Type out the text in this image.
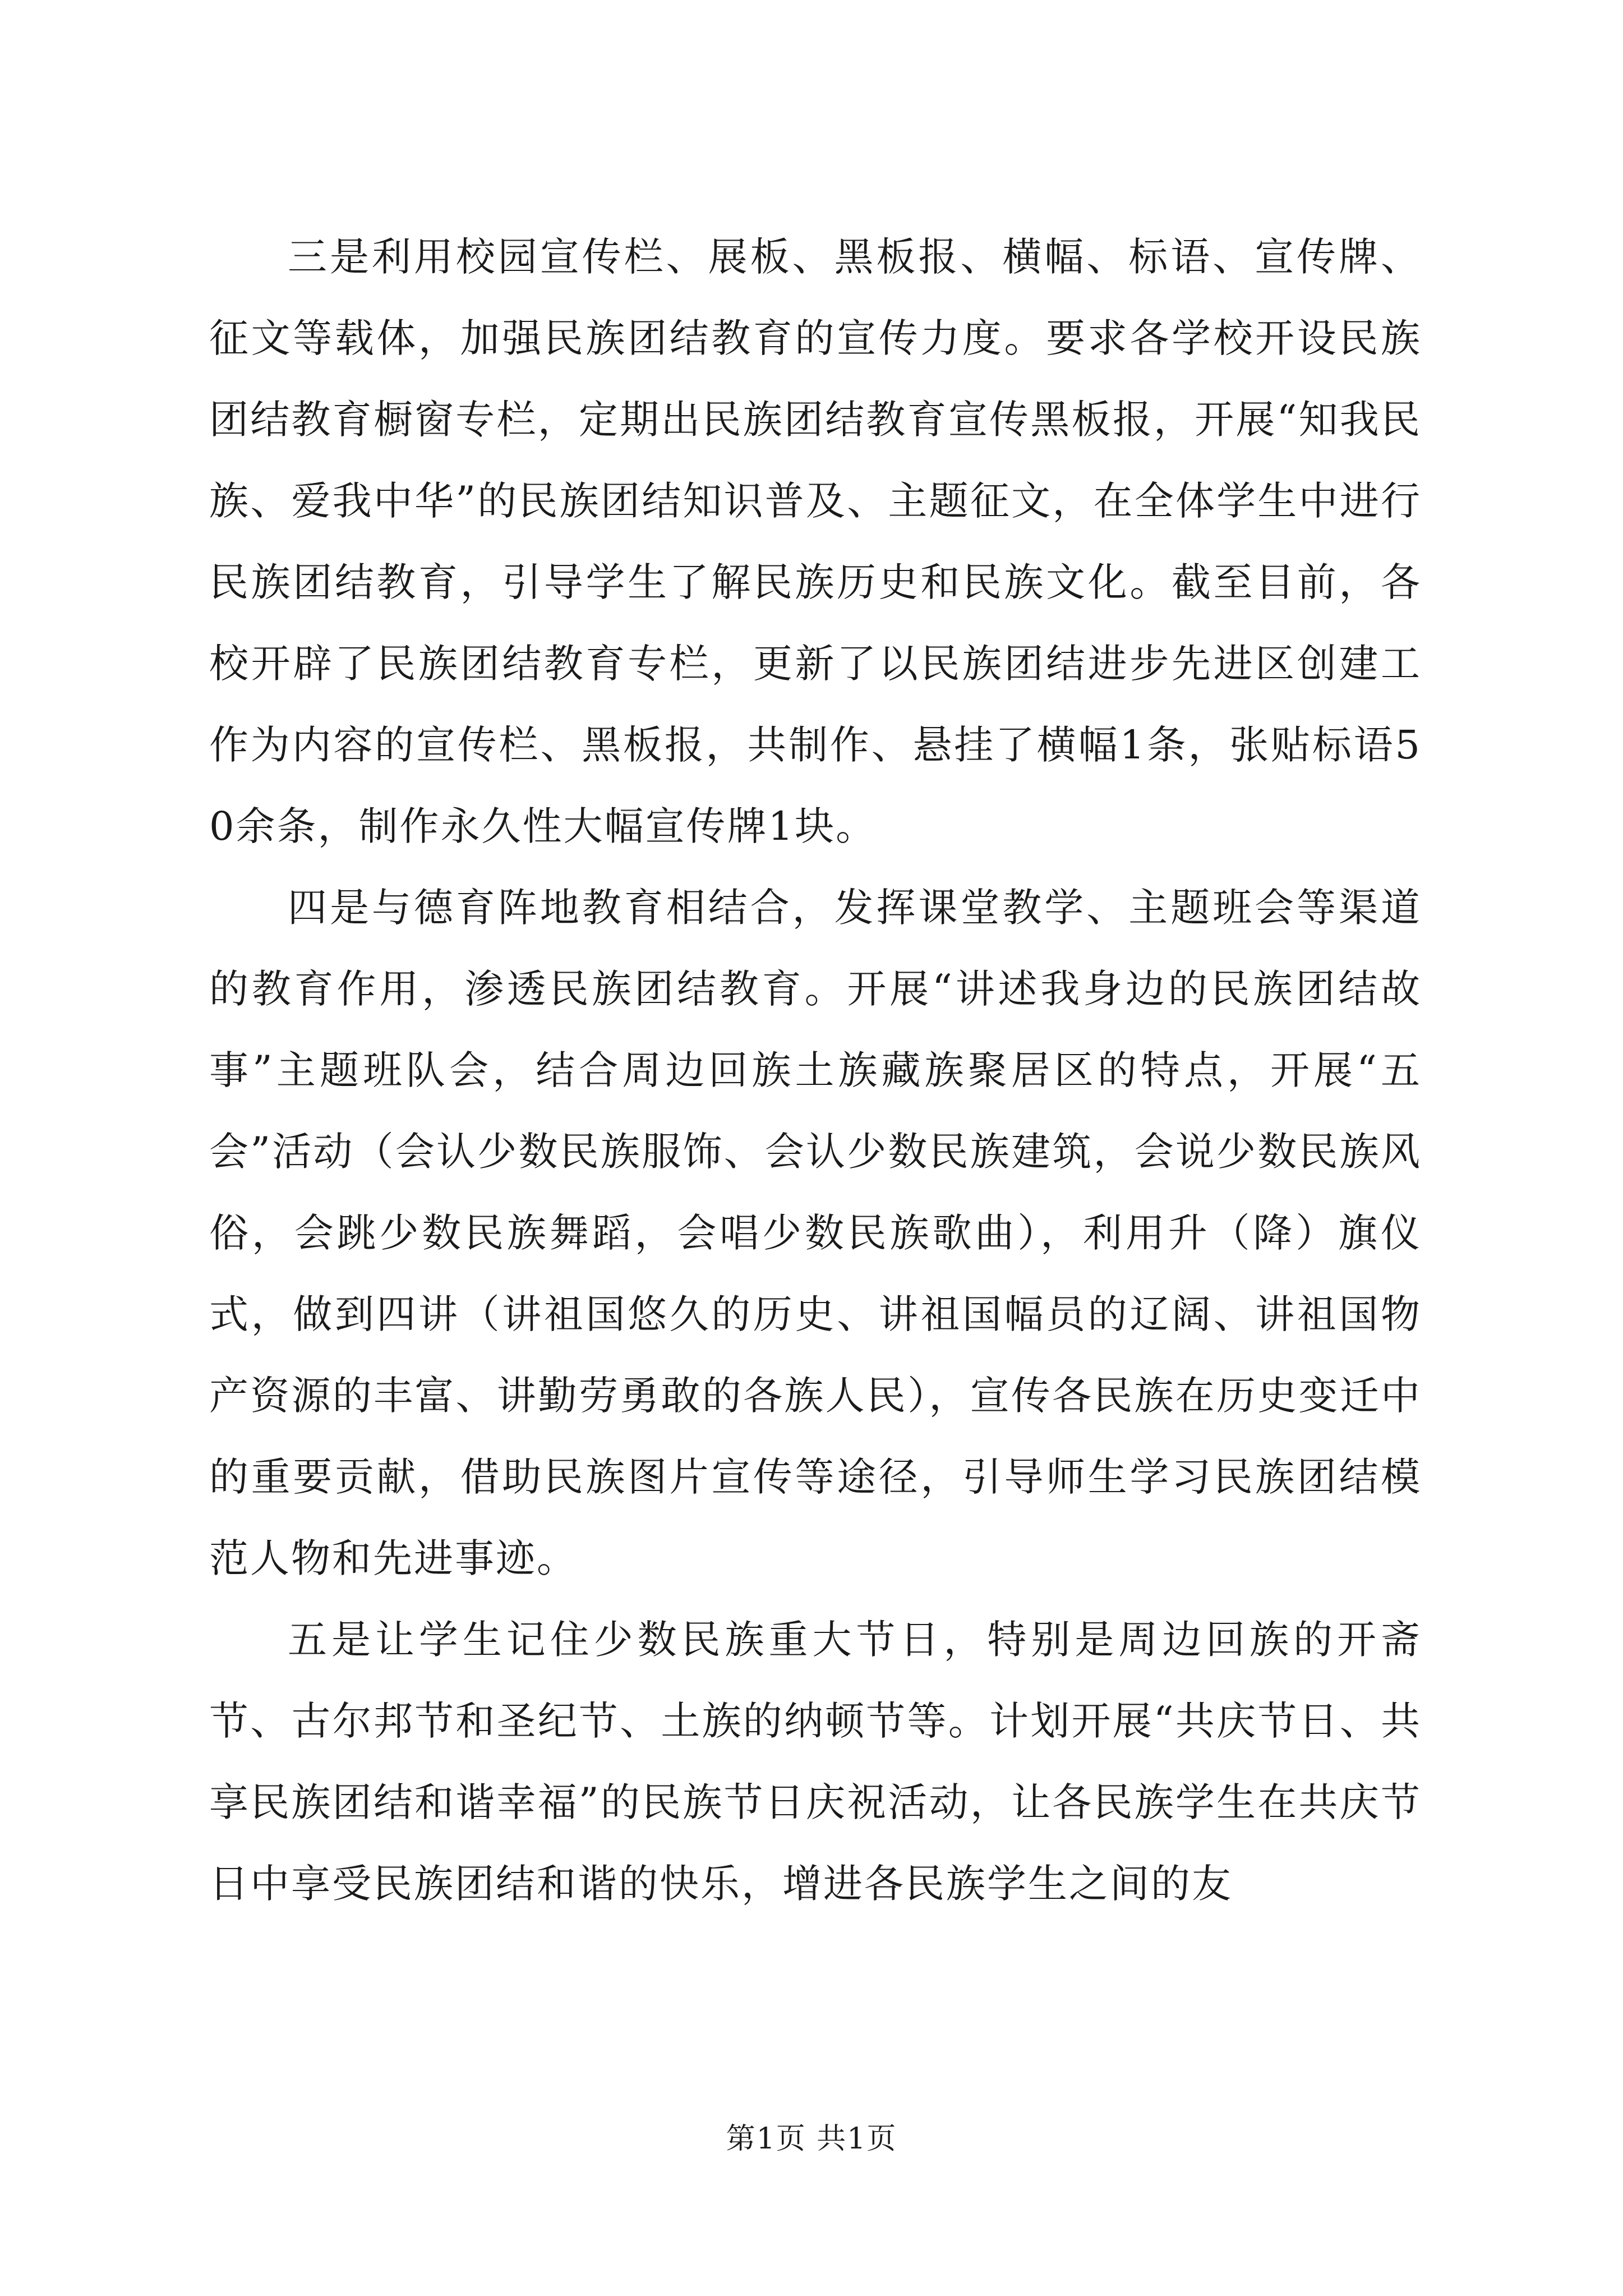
三是利用校园宣传栏、展板、黑板报、横幅、标语、宣传牌、征文等载体，加强民族团结教育的宣传力度。要求各学校开设民族团结教育橱窗专栏，定期出民族团结教育宣传黑板报，开展“知我民族、爱我中华”的民族团结知识普及、主题征文，在全体学生中进行民族团结教育，引导学生了解民族历史和民族文化。截至目前，各校开辟了民族团结教育专栏，更新了以民族团结进步先进区创建工作为内容的宣传栏、黑板报，共制作、悬挂了横幅1条，张贴标语50余条，制作永久性大幅宣传牌1块。

四是与德育阵地教育相结合，发挥课堂教学、主题班会等渠道的教育作用，渗透民族团结教育。开展“讲述我身边的民族团结故事”主题班队会，结合周边回族土族藏族聚居区的特点，开展“五会”活动（会认少数民族服饰、会认少数民族建筑，会说少数民族风俗，会跳少数民族舞蹈，会唱少数民族歌曲），利用升（降）旗仪式，做到四讲（讲祖国悠久的历史、讲祖国幅员的辽阔、讲祖国物产资源的丰富、讲勤劳勇敢的各族人民），宣传各民族在历史变迁中的重要贡献，借助民族图片宣传等途径，引导师生学习民族团结模范人物和先进事迹。

五是让学生记住少数民族重大节日，特别是周边回族的开斋节、古尔邦节和圣纪节、土族的纳顿节等。计划开展“共庆节日、共享民族团结和谐幸福”的民族节日庆祝活动，让各民族学生在共庆节日中享受民族团结和谐的快乐，增进各民族学生之间的友

第1页 共1页
